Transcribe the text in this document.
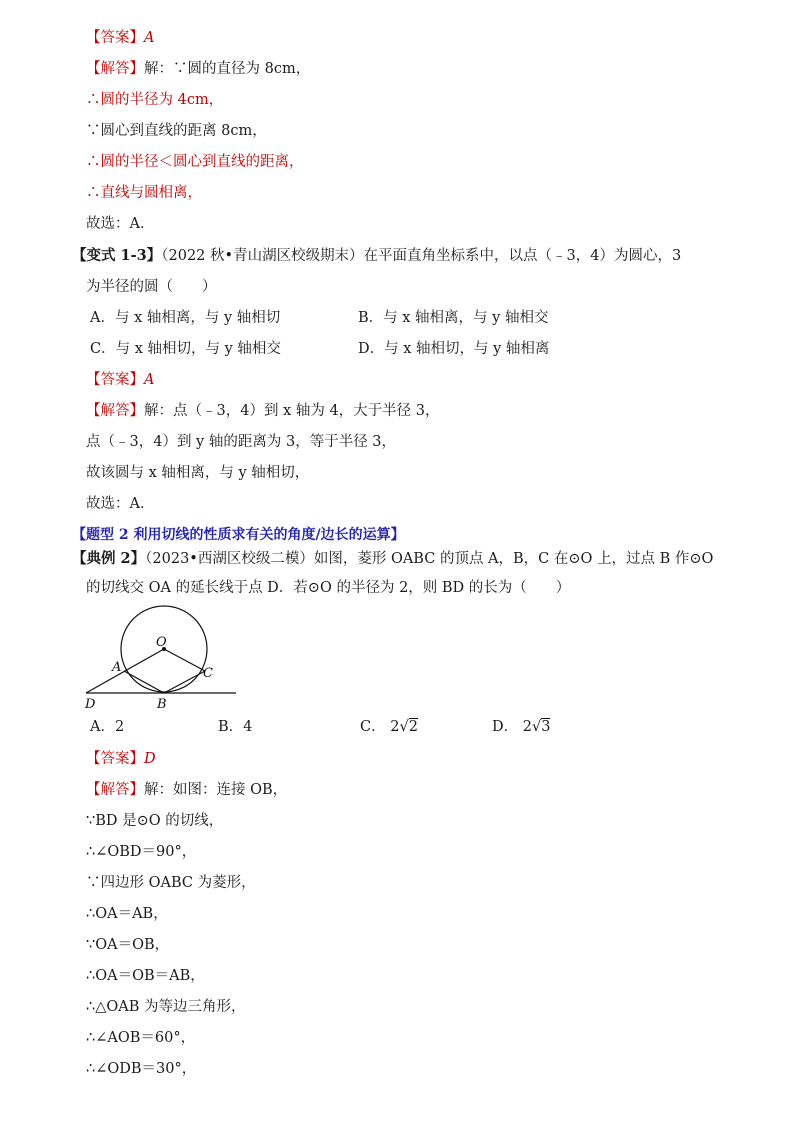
【答案】A
【解答】解：∵圆的直径为 8cm，
∴圆的半径为 4cm，
∵圆心到直线的距离 8cm，
∴圆的半径＜圆心到直线的距离，
∴直线与圆相离，
故选：A．
【变式 1-3】（2022 秋•青山湖区校级期末）在平面直角坐标系中，以点（﹣3，4）为圆心，3
为半径的圆（　　）
A．与 x 轴相离，与 y 轴相切	B．与 x 轴相离，与 y 轴相交
C．与 x 轴相切，与 y 轴相交	D．与 x 轴相切，与 y 轴相离
【答案】A
【解答】解：点（﹣3，4）到 x 轴为 4，大于半径 3，
点（﹣3，4）到 y 轴的距离为 3，等于半径 3，
故该圆与 x 轴相离，与 y 轴相切，
故选：A．
【题型 2 利用切线的性质求有关的角度/边长的运算】
【典例 2】（2023•西湖区校级二模）如图，菱形 OABC 的顶点 A，B，C 在⊙O 上，过点 B 作⊙O
的切线交 OA 的延长线于点 D．若⊙O 的半径为 2，则 BD 的长为（　　）
O
A
B
C
D
A．2	B．4	C． 2√2	D． 2√3
【答案】D
【解答】解：如图：连接 OB，
∵BD 是⊙O 的切线，
∴∠OBD＝90°，
∵四边形 OABC 为菱形，
∴OA＝AB，
∵OA＝OB，
∴OA＝OB＝AB，
∴△OAB 为等边三角形，
∴∠AOB＝60°，
∴∠ODB＝30°，
